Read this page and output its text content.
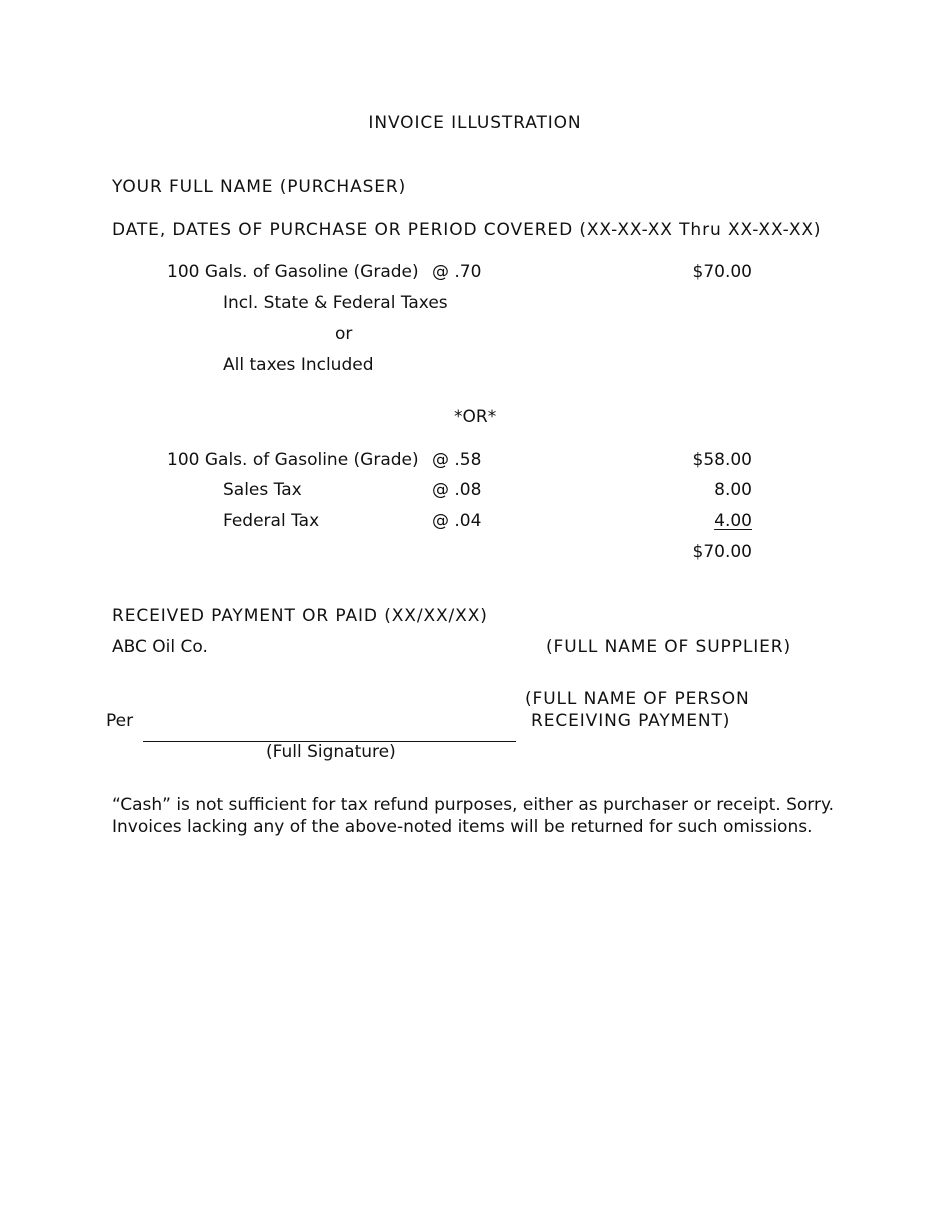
INVOICE ILLUSTRATION
YOUR FULL NAME (PURCHASER)
DATE, DATES OF PURCHASE OR PERIOD COVERED (XX-XX-XX Thru XX-XX-XX)
100 Gals. of Gasoline (Grade) @ .70	$70.00
Incl. State & Federal Taxes
or
All taxes Included
*OR*
100 Gals. of Gasoline (Grade) @ .58	$58.00
Sales Tax	@ .08	8.00
Federal Tax	@ .04	4.00
$70.00
RECEIVED PAYMENT OR PAID (XX/XX/XX)
ABC Oil Co.	(FULL NAME OF SUPPLIER)
(FULL NAME OF PERSON
RECEIVING PAYMENT)
Per
(Full Signature)
“Cash” is not sufficient for tax refund purposes, either as purchaser or receipt. Sorry.
Invoices lacking any of the above-noted items will be returned for such omissions.
